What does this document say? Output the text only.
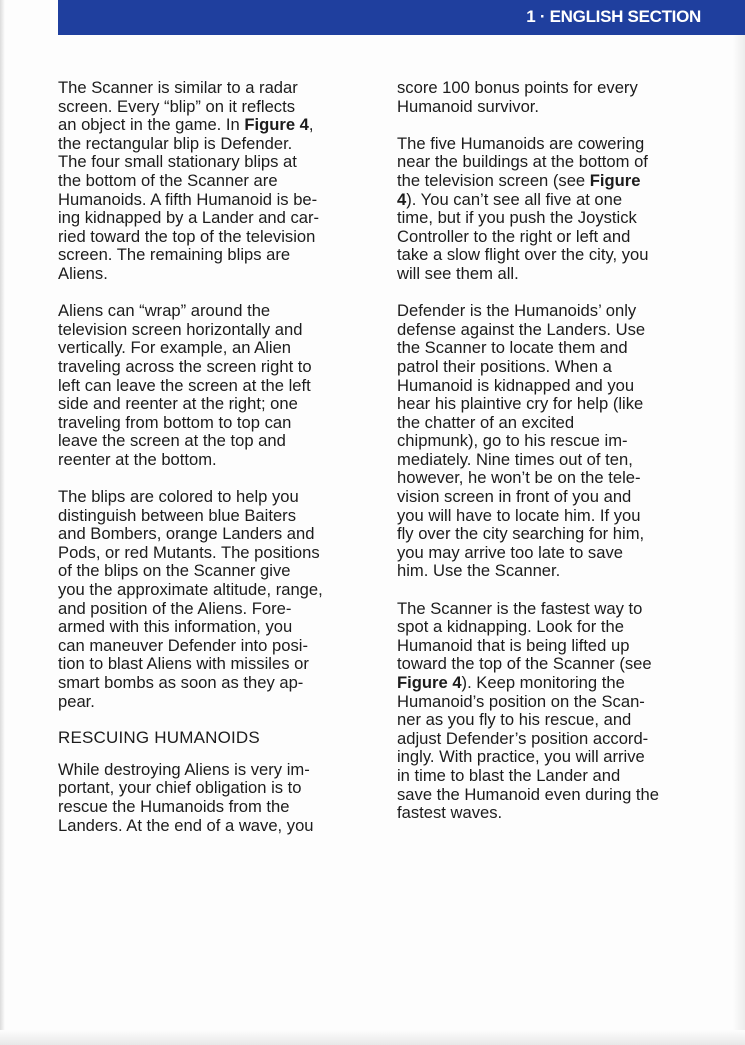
1 · ENGLISH SECTION

The Scanner is similar to a radar
screen. Every “blip” on it reflects
an object in the game. In Figure 4,
the rectangular blip is Defender.
The four small stationary blips at
the bottom of the Scanner are
Humanoids. A fifth Humanoid is be-
ing kidnapped by a Lander and car-
ried toward the top of the television
screen. The remaining blips are
Aliens.

Aliens can “wrap” around the
television screen horizontally and
vertically. For example, an Alien
traveling across the screen right to
left can leave the screen at the left
side and reenter at the right; one
traveling from bottom to top can
leave the screen at the top and
reenter at the bottom.

The blips are colored to help you
distinguish between blue Baiters
and Bombers, orange Landers and
Pods, or red Mutants. The positions
of the blips on the Scanner give
you the approximate altitude, range,
and position of the Aliens. Fore-
armed with this information, you
can maneuver Defender into posi-
tion to blast Aliens with missiles or
smart bombs as soon as they ap-
pear.

RESCUING HUMANOIDS

While destroying Aliens is very im-
portant, your chief obligation is to
rescue the Humanoids from the
Landers. At the end of a wave, you

score 100 bonus points for every
Humanoid survivor.

The five Humanoids are cowering
near the buildings at the bottom of
the television screen (see Figure
4). You can’t see all five at one
time, but if you push the Joystick
Controller to the right or left and
take a slow flight over the city, you
will see them all.

Defender is the Humanoids’ only
defense against the Landers. Use
the Scanner to locate them and
patrol their positions. When a
Humanoid is kidnapped and you
hear his plaintive cry for help (like
the chatter of an excited
chipmunk), go to his rescue im-
mediately. Nine times out of ten,
however, he won’t be on the tele-
vision screen in front of you and
you will have to locate him. If you
fly over the city searching for him,
you may arrive too late to save
him. Use the Scanner.

The Scanner is the fastest way to
spot a kidnapping. Look for the
Humanoid that is being lifted up
toward the top of the Scanner (see
Figure 4). Keep monitoring the
Humanoid’s position on the Scan-
ner as you fly to his rescue, and
adjust Defender’s position accord-
ingly. With practice, you will arrive
in time to blast the Lander and
save the Humanoid even during the
fastest waves.
